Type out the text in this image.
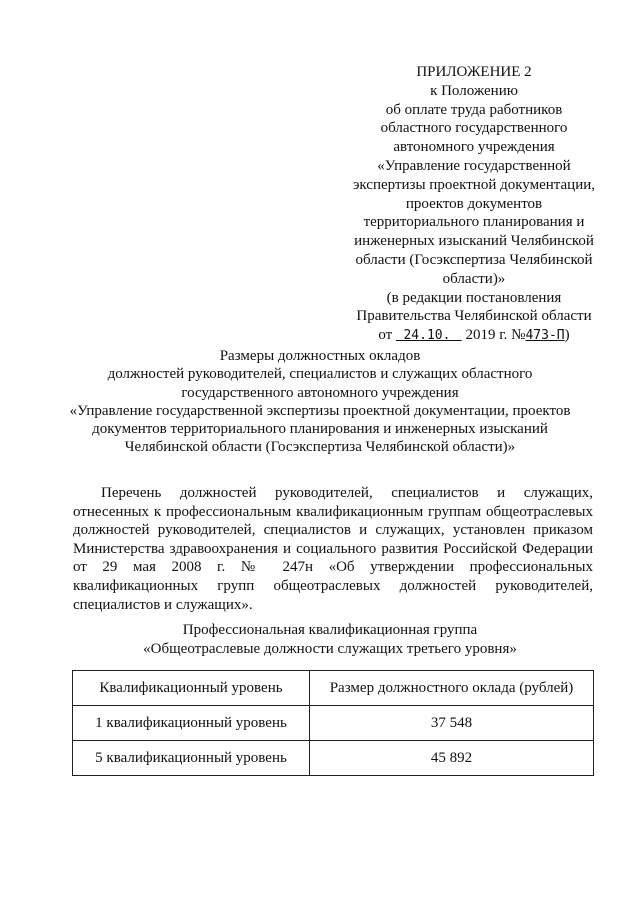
ПРИЛОЖЕНИЕ 2
к Положению
об оплате труда работников
областного государственного
автономного учреждения
«Управление государственной
экспертизы проектной документации,
проектов документов
территориального планирования и
инженерных изысканий Челябинской
области (Госэкспертиза Челябинской
области)»
(в редакции постановления
Правительства Челябинской области
от 24.10. 2019 г. №473-П)
Размеры должностных окладов
должностей руководителей, специалистов и служащих областного
государственного автономного учреждения
«Управление государственной экспертизы проектной документации, проектов
документов территориального планирования и инженерных изысканий
Челябинской области (Госэкспертиза Челябинской области)»
Перечень должностей руководителей, специалистов и служащих,
отнесенных к профессиональным квалификационным группам общеотраслевых
должностей руководителей, специалистов и служащих, установлен приказом
Министерства здравоохранения и социального развития Российской Федерации
от 29 мая 2008 г. № 247н «Об утверждении профессиональных
квалификационных групп общеотраслевых должностей руководителей,
специалистов и служащих».
Профессиональная квалификационная группа
«Общеотраслевые должности служащих третьего уровня»
Квалификационный уровень	Размер должностного оклада (рублей)
1 квалификационный уровень	37 548
5 квалификационный уровень	45 892
